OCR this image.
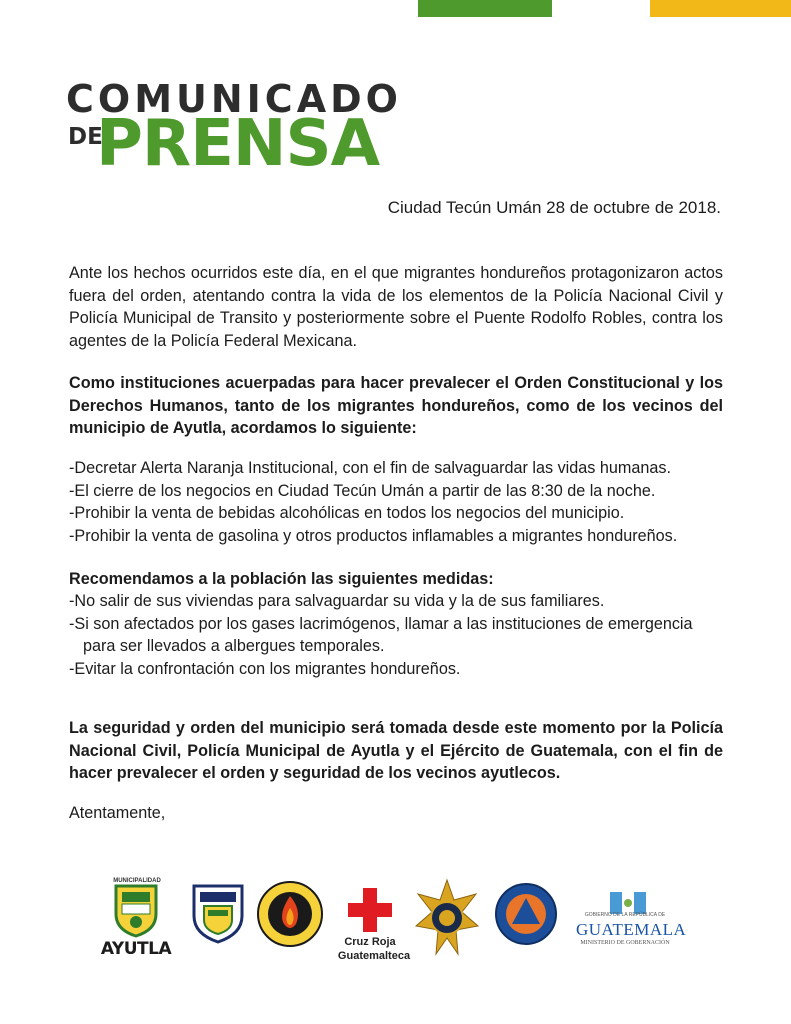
COMUNICADO
DE
PRENSA
Ciudad Tecún Umán 28 de octubre de 2018.

Ante los hechos ocurridos este día, en el que migrantes hondureños protagonizaron actos fuera del orden, atentando contra la vida de los elementos de la Policía Nacional Civil y Policía Municipal de Transito y posteriormente sobre el Puente Rodolfo Robles, contra los agentes de la Policía Federal Mexicana.

Como instituciones acuerpadas para hacer prevalecer el Orden Constitucional y los Derechos Humanos, tanto de los migrantes hondureños, como de los vecinos del municipio de Ayutla, acordamos lo siguiente:

-Decretar Alerta Naranja Institucional, con el fin de salvaguardar las vidas humanas.
-El cierre de los negocios en Ciudad Tecún Umán a partir de las 8:30 de la noche.
-Prohibir la venta de bebidas alcohólicas en todos los negocios del municipio.
-Prohibir la venta de gasolina y otros productos inflamables a migrantes hondureños.

Recomendamos a la población las siguientes medidas:

-No salir de sus viviendas para salvaguardar su vida y la de sus familiares.
-Si son afectados por los gases lacrimógenos, llamar a las instituciones de emergencia
para ser llevados a albergues temporales.
-Evitar la confrontación con los migrantes hondureños.

La seguridad y orden del municipio será tomada desde este momento por la Policía Nacional Civil, Policía Municipal de Ayutla y el Ejército de Guatemala, con el fin de hacer prevalecer el orden y seguridad de los vecinos ayutlecos.

Atentamente,
MUNICIPALIDAD
AYUTLA	Cruz Roja
Guatemalteca
GOBIERNO DE LA REPÚBLICA DE
GUATEMALA
MINISTERIO DE GOBERNACIÓN
